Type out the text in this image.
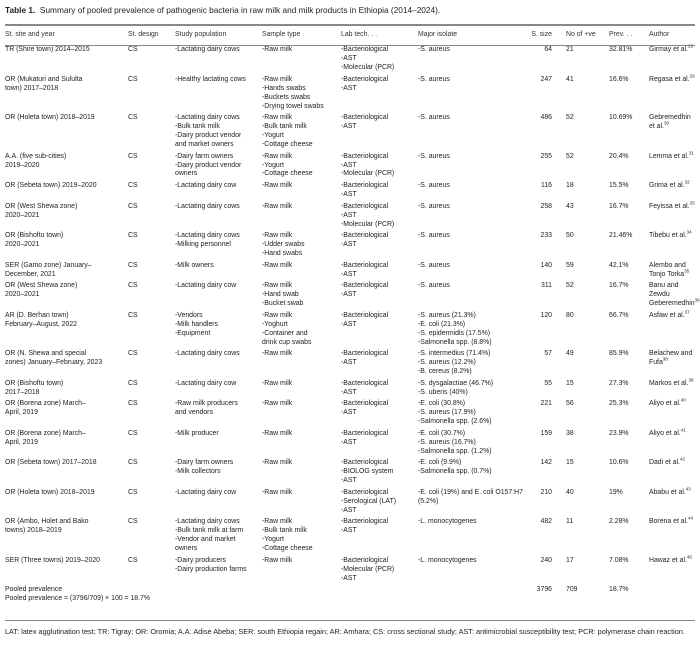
Table 1. Summary of pooled prevalence of pathogenic bacteria in raw milk and milk products in Ethiopia (2014–2024).
St. site and year	St. design	Study population	Sample type	Lab tech. . .	Major isolate	S. size	No of +ve	Prev. . .	Author

TR (Shire town) 2014–2015	CS	-Lactating dairy cows	-Raw milk	-Bacteriological
-AST
-Molecular (PCR)	-S. aureus	64	21	32.81%	Girmay et al.$^{28}$

OR (Mukaturi and Sululta
town) 2017–2018	CS	-Healthy lactating cows	-Raw milk
-Hands swabs
-Buckets swabs
-Drying towel swabs	-Bacteriological
-AST	-S. aureus	247	41	16.6%	Regasa et al.$^{29}$

OR (Holeta town) 2018–2019	CS	-Lactating dairy cows
-Bulk tank milk
-Dairy product vendor
and market owners	-Raw milk
-Bulk tank milk
-Yogurt
-Cottage cheese	-Bacteriological
-AST	-S. aureus	486	52	10.69%	Gebremedhin et al.$^{30}$

A.A. (five sub-cities)
2019–2020	CS	-Dairy farm owners
-Dairy product vendor
owners	-Raw milk
-Yogurt
-Cottage cheese	-Bacteriological
-AST
-Molecular (PCR)	-S. aureus	255	52	20.4%	Lemma et al.$^{31}$

OR (Sebeta town) 2019–2020	CS	-Lactating dairy cow	-Raw milk	-Bacteriological
-AST	-S. aureus	116	18	15.5%	Grima et al.$^{32}$

OR (West Shewa zone)
2020–2021	CS	-Lactating dairy cows	-Raw milk	-Bacteriological
-AST
-Molecular (PCR)	-S. aureus	258	43	16.7%	Feyissa et al.$^{33}$

OR (Bishoftu town)
2020–2021	CS	-Lactating dairy cows
-Milking personnel	-Raw milk
-Udder swabs
-Hand swabs	-Bacteriological
-AST	-S. aureus	233	50	21.46%	Tibebu et al.$^{34}$

SER (Gamo zone) January–
December, 2021	CS	-Milk owners	-Raw milk	-Bacteriological
-AST	-S. aureus	140	59	42.1%	Alembo and Tonjo Torka$^{35}$

OR (West Shewa zone)
2020–2021	CS	-Lactating dairy cow	-Raw milk
-Hand swab
-Bucket swab	-Bacteriological
-AST	-S. aureus	311	52	16.7%	Banu and Zewdu Geberemedhin$^{36}$

AR (D. Berhan town)
February–August, 2022	CS	-Vendors
-Milk handlers
-Equipment	-Raw milk
-Yoghurt
-Container and
drink cup swabs	-Bacteriological
-AST	-S. aureus (21.3%)
-E. coli (21.3%)
-S. epidermidis (17.5%)
-Salmonella spp. (8.8%)	120	80	66.7%	Asfaw et al.$^{37}$

OR (N. Shewa and special
zones) January–February, 2023	CS	-Lactating dairy cows	-Raw milk	-Bacteriological
-AST	-S. intermedius (71.4%)
-S. aureus (12.2%)
-B. cereus (8.2%)	57	49	85.9%	Belachew and Fufa$^{38}$

OR (Bishoftu town)
2017–2018	CS	-Lactating dairy cow	-Raw milk	-Bacteriological
-AST	-S. dysgalactiae (46.7%)
-S. uberis (40%)	55	15	27.3%	Markos et al.$^{39}$

OR (Borena zone) March–
April, 2019	CS	-Raw milk producers
and vendors	-Raw milk	-Bacteriological
-AST	-E. coli (30.8%)
-S. aureus (17.9%)
-Salmonella spp. (2.6%)	221	56	25.3%	Aliyo et al.$^{40}$

OR (Borena zone) March–
April, 2019	CS	-Milk producer	-Raw milk	-Bacteriological
-AST	-E. coli (30.7%)
-S. aureus (16.7%)
-Salmonella spp. (1.2%)	159	38	23.9%	Aliyo et al.$^{41}$

OR (Sebeta town) 2017–2018	CS	-Dairy farm owners
-Milk collectors	-Raw milk	-Bacteriological
-BIOLOG system
-AST	-E. coli (9.9%)
-Salmonella spp. (0.7%)	142	15	10.6%	Dadi et al.$^{42}$

OR (Holeta town) 2018–2019	CS	-Lactating dairy cow	-Raw milk	-Bacteriological
-Serological (LAT)
-AST	-E. coli (19%) and E. coli O157:H7
(5.2%)	210	40	19%	Ababu et al.$^{43}$

OR (Ambo, Holet and Bako
towns) 2018–2019	CS	-Lactating dairy cows
-Bulk tank milk at farm
-Vendor and market
owners	-Raw milk
-Bulk tank milk
-Yogurt
-Cottage cheese	-Bacteriological
-AST	-L. monocytogenes	482	11	2.28%	Borena et al.$^{44}$

SER (Three towns) 2019–2020	CS	-Dairy producers
-Dairy production farms	-Raw milk	-Bacteriological
-Molecular (PCR)
-AST	-L. monocytogenes	240	17	7.08%	Hawaz et al.$^{45}$

Pooled prevalence
Pooled prevalence = (3796/709) × 100 = 18.7%						3796	709	18.7%	
LAT: latex agglutination test; TR: Tigray; OR: Oromia; A.A: Adise Abeba; SER: south Ethiopia regain; AR: Amhara; CS: cross sectional study; AST: antimicrobial susceptibility test; PCR: polymerase chain reaction.
